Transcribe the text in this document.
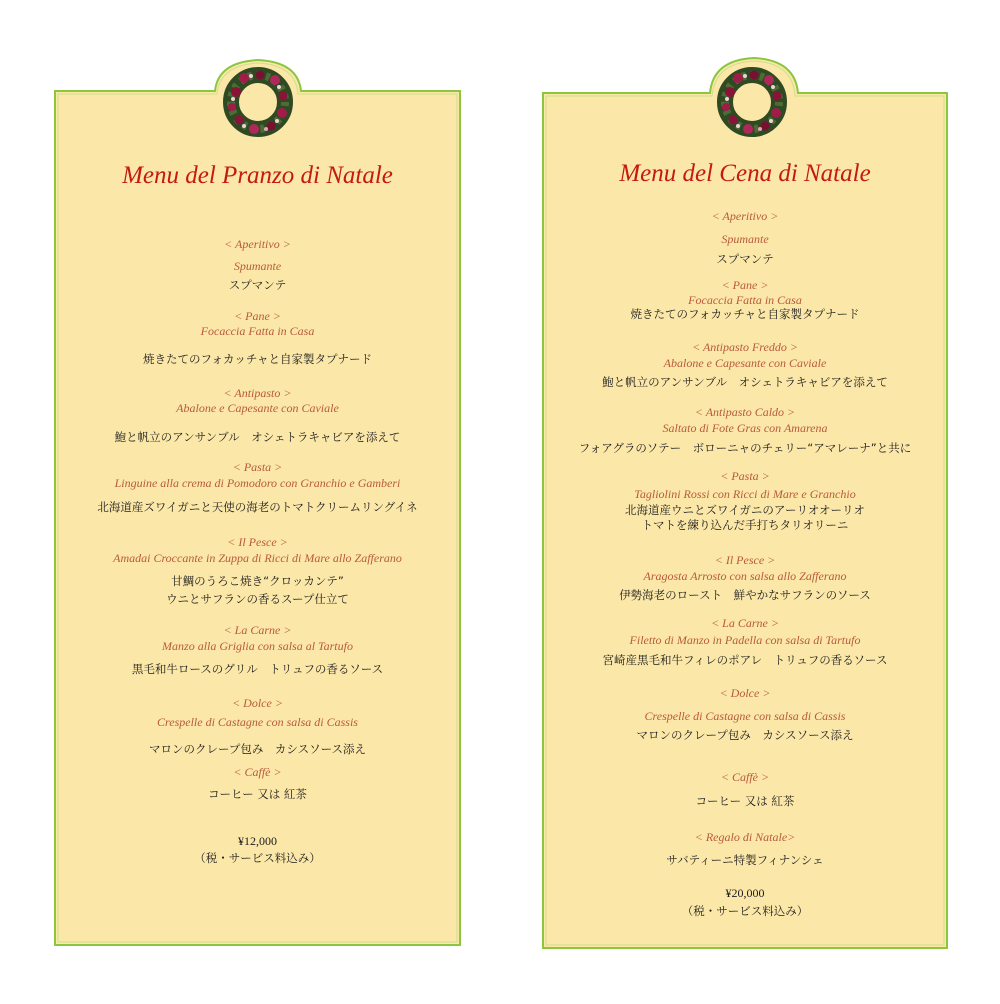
Menu del Pranzo di Natale
< Aperitivo >
Spumante
スプマンテ
< Pane >
Focaccia Fatta in Casa
焼きたてのフォカッチャと自家製タプナード
< Antipasto >
Abalone e Capesante con Caviale
鮑と帆立のアンサンブル　オシェトラキャビアを添えて
< Pasta >
Linguine alla crema di Pomodoro con Granchio e Gamberi
北海道産ズワイガニと天使の海老のトマトクリームリングイネ
< Il Pesce >
Amadai Croccante in Zuppa di Ricci di Mare allo Zafferano
甘鯛のうろこ焼き“クロッカンテ”
ウニとサフランの香るスープ仕立て
< La Carne >
Manzo alla Griglia con salsa al Tartufo
黒毛和牛ロースのグリル　トリュフの香るソース
< Dolce >
Crespelle di Castagne con salsa di Cassis
マロンのクレープ包み　カシスソース添え
< Caffè >
コーヒー 又は 紅茶
¥12,000
（税・サービス料込み）
Menu del Cena di Natale
< Aperitivo >
Spumante
スプマンテ
< Pane >
Focaccia Fatta in Casa
焼きたてのフォカッチャと自家製タプナード
< Antipasto Freddo >
Abalone e Capesante con Caviale
鮑と帆立のアンサンブル　オシェトラキャビアを添えて
< Antipasto Caldo >
Saltato di Fote Gras con Amarena
フォアグラのソテー　ボローニャのチェリー“アマレーナ”と共に
< Pasta >
Tagliolini Rossi con Ricci di Mare e Granchio
北海道産ウニとズワイガニのアーリオオーリオ
トマトを練り込んだ手打ちタリオリーニ
< Il Pesce >
Aragosta Arrosto con salsa allo Zafferano
伊勢海老のロースト　鮮やかなサフランのソース
< La Carne >
Filetto di Manzo in Padella con salsa di Tartufo
宮崎産黒毛和牛フィレのポアレ　トリュフの香るソース
< Dolce >
Crespelle di Castagne con salsa di Cassis
マロンのクレープ包み　カシスソース添え
< Caffè >
コーヒー 又は 紅茶
< Regalo di Natale>
サバティーニ特製フィナンシェ
¥20,000
（税・サービス料込み）
